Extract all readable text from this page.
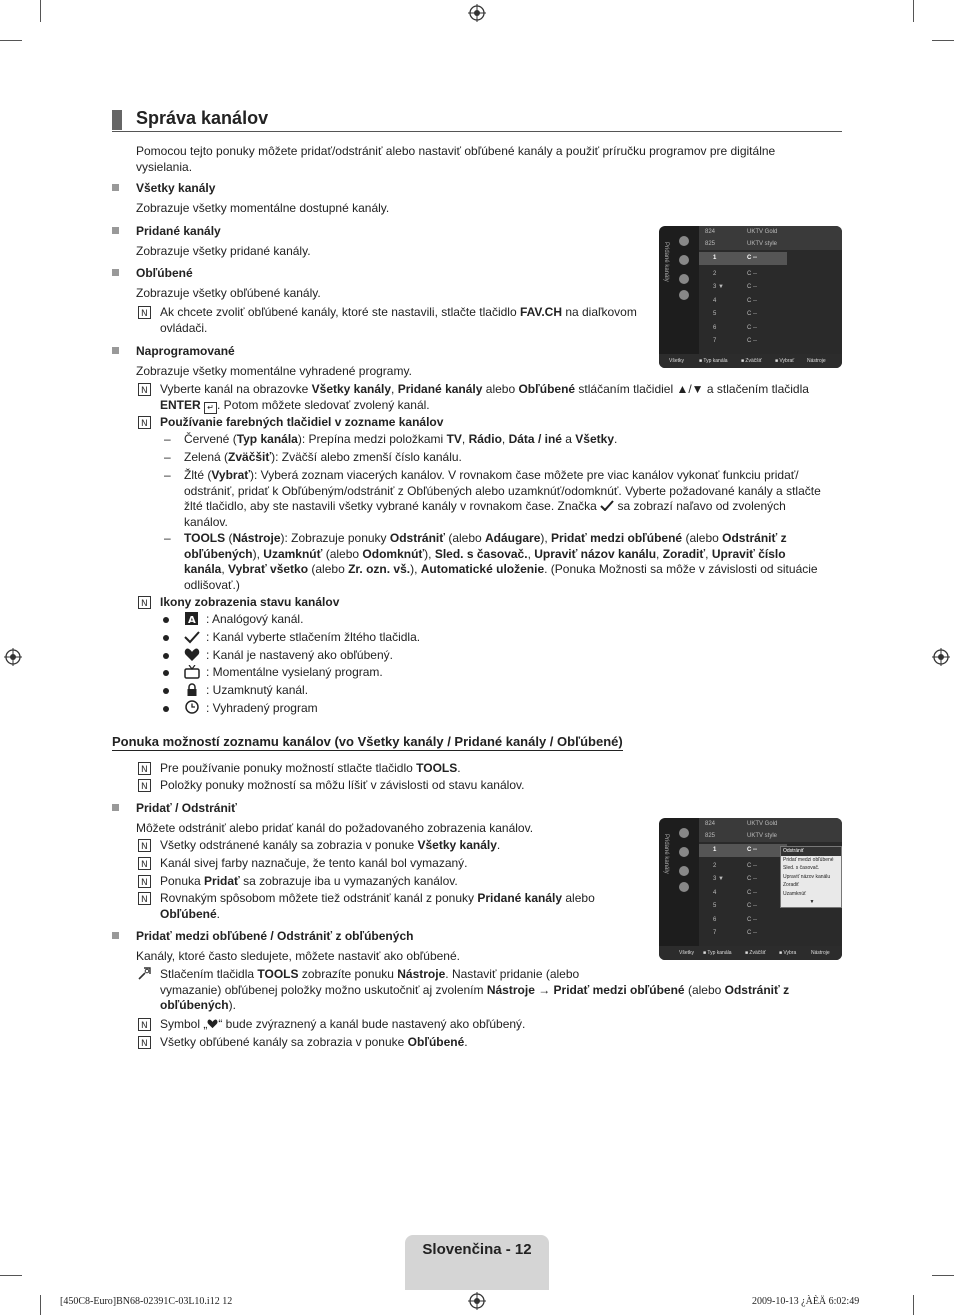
Správa kanálov
Pomocou tejto ponuky môžete pridať/odstrániť alebo nastaviť obľúbené kanály a použiť príručku programov pre digitálne vysielania.
Všetky kanály
Zobrazuje všetky momentálne dostupné kanály.
Pridané kanály
Zobrazuje všetky pridané kanály.
Obľúbené
Zobrazuje všetky obľúbené kanály.
N Ak chcete zvoliť obľúbené kanály, ktoré ste nastavili, stlačte tlačidlo FAV.CH na diaľkovom
ovládači.
Naprogramované
Zobrazuje všetky momentálne vyhradené programy.
N Vyberte kanál na obrazovke Všetky kanály, Pridané kanály alebo Obľúbené stláčaním tlačidiel ▲/▼ a stlačením tlačidla
ENTER ↵ . Potom môžete sledovať zvolený kanál.
N Používanie farebných tlačidiel v zozname kanálov
– Červené (Typ kanála): Prepína medzi položkami TV, Rádio, Dáta / iné a Všetky.
– Zelená (Zväčšiť): Zväčší alebo zmenší číslo kanálu.
– Žlté (Vybrať): Vyberá zoznam viacerých kanálov. V rovnakom čase môžete pre viac kanálov vykonať funkciu pridať/
odstrániť, pridať k Obľúbeným/odstrániť z Obľúbených alebo uzamknúť/odomknúť. Vyberte požadované kanály a stlačte
žlté tlačidlo, aby ste nastavili všetky vybrané kanály v rovnakom čase. Značka  sa zobrazí naľavo od zvolených
kanálov.
– TOOLS (Nástroje): Zobrazuje ponuky Odstrániť (alebo Adáugare), Pridať medzi obľúbené (alebo Odstrániť z
obľúbených), Uzamknúť (alebo Odomknúť), Sled. s časovač., Upraviť názov kanálu, Zoradiť, Upraviť číslo
kanála, Vybrať všetko (alebo Zr. ozn. vš.), Automatické uloženie. (Ponuka Možnosti sa môže v závislosti od situácie
odlišovať.)
N Ikony zobrazenia stavu kanálov
A : Analógový kanál.
: Kanál vyberte stlačením žltého tlačidla.
: Kanál je nastavený ako obľúbený.
: Momentálne vysielaný program.
: Uzamknutý kanál.
: Vyhradený program
Pridané kanály
824	UKTV Gold
825	UKTV style
1	C --
2	C --
3 ▼	C --
4	C --
5	C --
6	C --
7	C --
Všetky	■ Typ kanála	■ Zväčšiť	■ Vybrať	Nástroje
Ponuka možností zoznamu kanálov (vo Všetky kanály / Pridané kanály / Obľúbené)
N Pre používanie ponuky možností stlačte tlačidlo TOOLS.
N Položky ponuky možností sa môžu líšiť v závislosti od stavu kanálov.
Pridať / Odstrániť
Môžete odstrániť alebo pridať kanál do požadovaného zobrazenia kanálov.
N Všetky odstránené kanály sa zobrazia v ponuke Všetky kanály.
N Kanál sivej farby naznačuje, že tento kanál bol vymazaný.
N Ponuka Pridať sa zobrazuje iba u vymazaných kanálov.
N Rovnakým spôsobom môžete tiež odstrániť kanál z ponuky Pridané kanály alebo
Obľúbené.
Pridať medzi obľúbené / Odstrániť z obľúbených
Kanály, ktoré často sledujete, môžete nastaviť ako obľúbené.
Stlačením tlačidla TOOLS zobrazíte ponuku Nástroje. Nastaviť pridanie (alebo
vymazanie) obľúbenej položky možno uskutočniť aj zvolením Nástroje → Pridať medzi obľúbené (alebo Odstrániť z
obľúbených).
N Symbol „ “ bude zvýraznený a kanál bude nastavený ako obľúbený.
N Všetky obľúbené kanály sa zobrazia v ponuke Obľúbené.
Pridané kanály
824	UKTV Gold
825	UKTV style
1	C --
2	C --
3 ▼	C --
4	C --
5	C --
6	C --
7	C --
Odstrániť
Pridať medzi obľúbené
Sled. s časovač.
Upraviť názov kanálu
Zoradiť
Uzamknúť
▼
Všetky ■ Typ kanála	■ Zväčšiť	■ Vybra	Nástroje
Slovenčina - 12
[450C8-Euro]BN68-02391C-03L10.i12 12	2009-10-13 ¿ÀÈÄ 6:02:49
